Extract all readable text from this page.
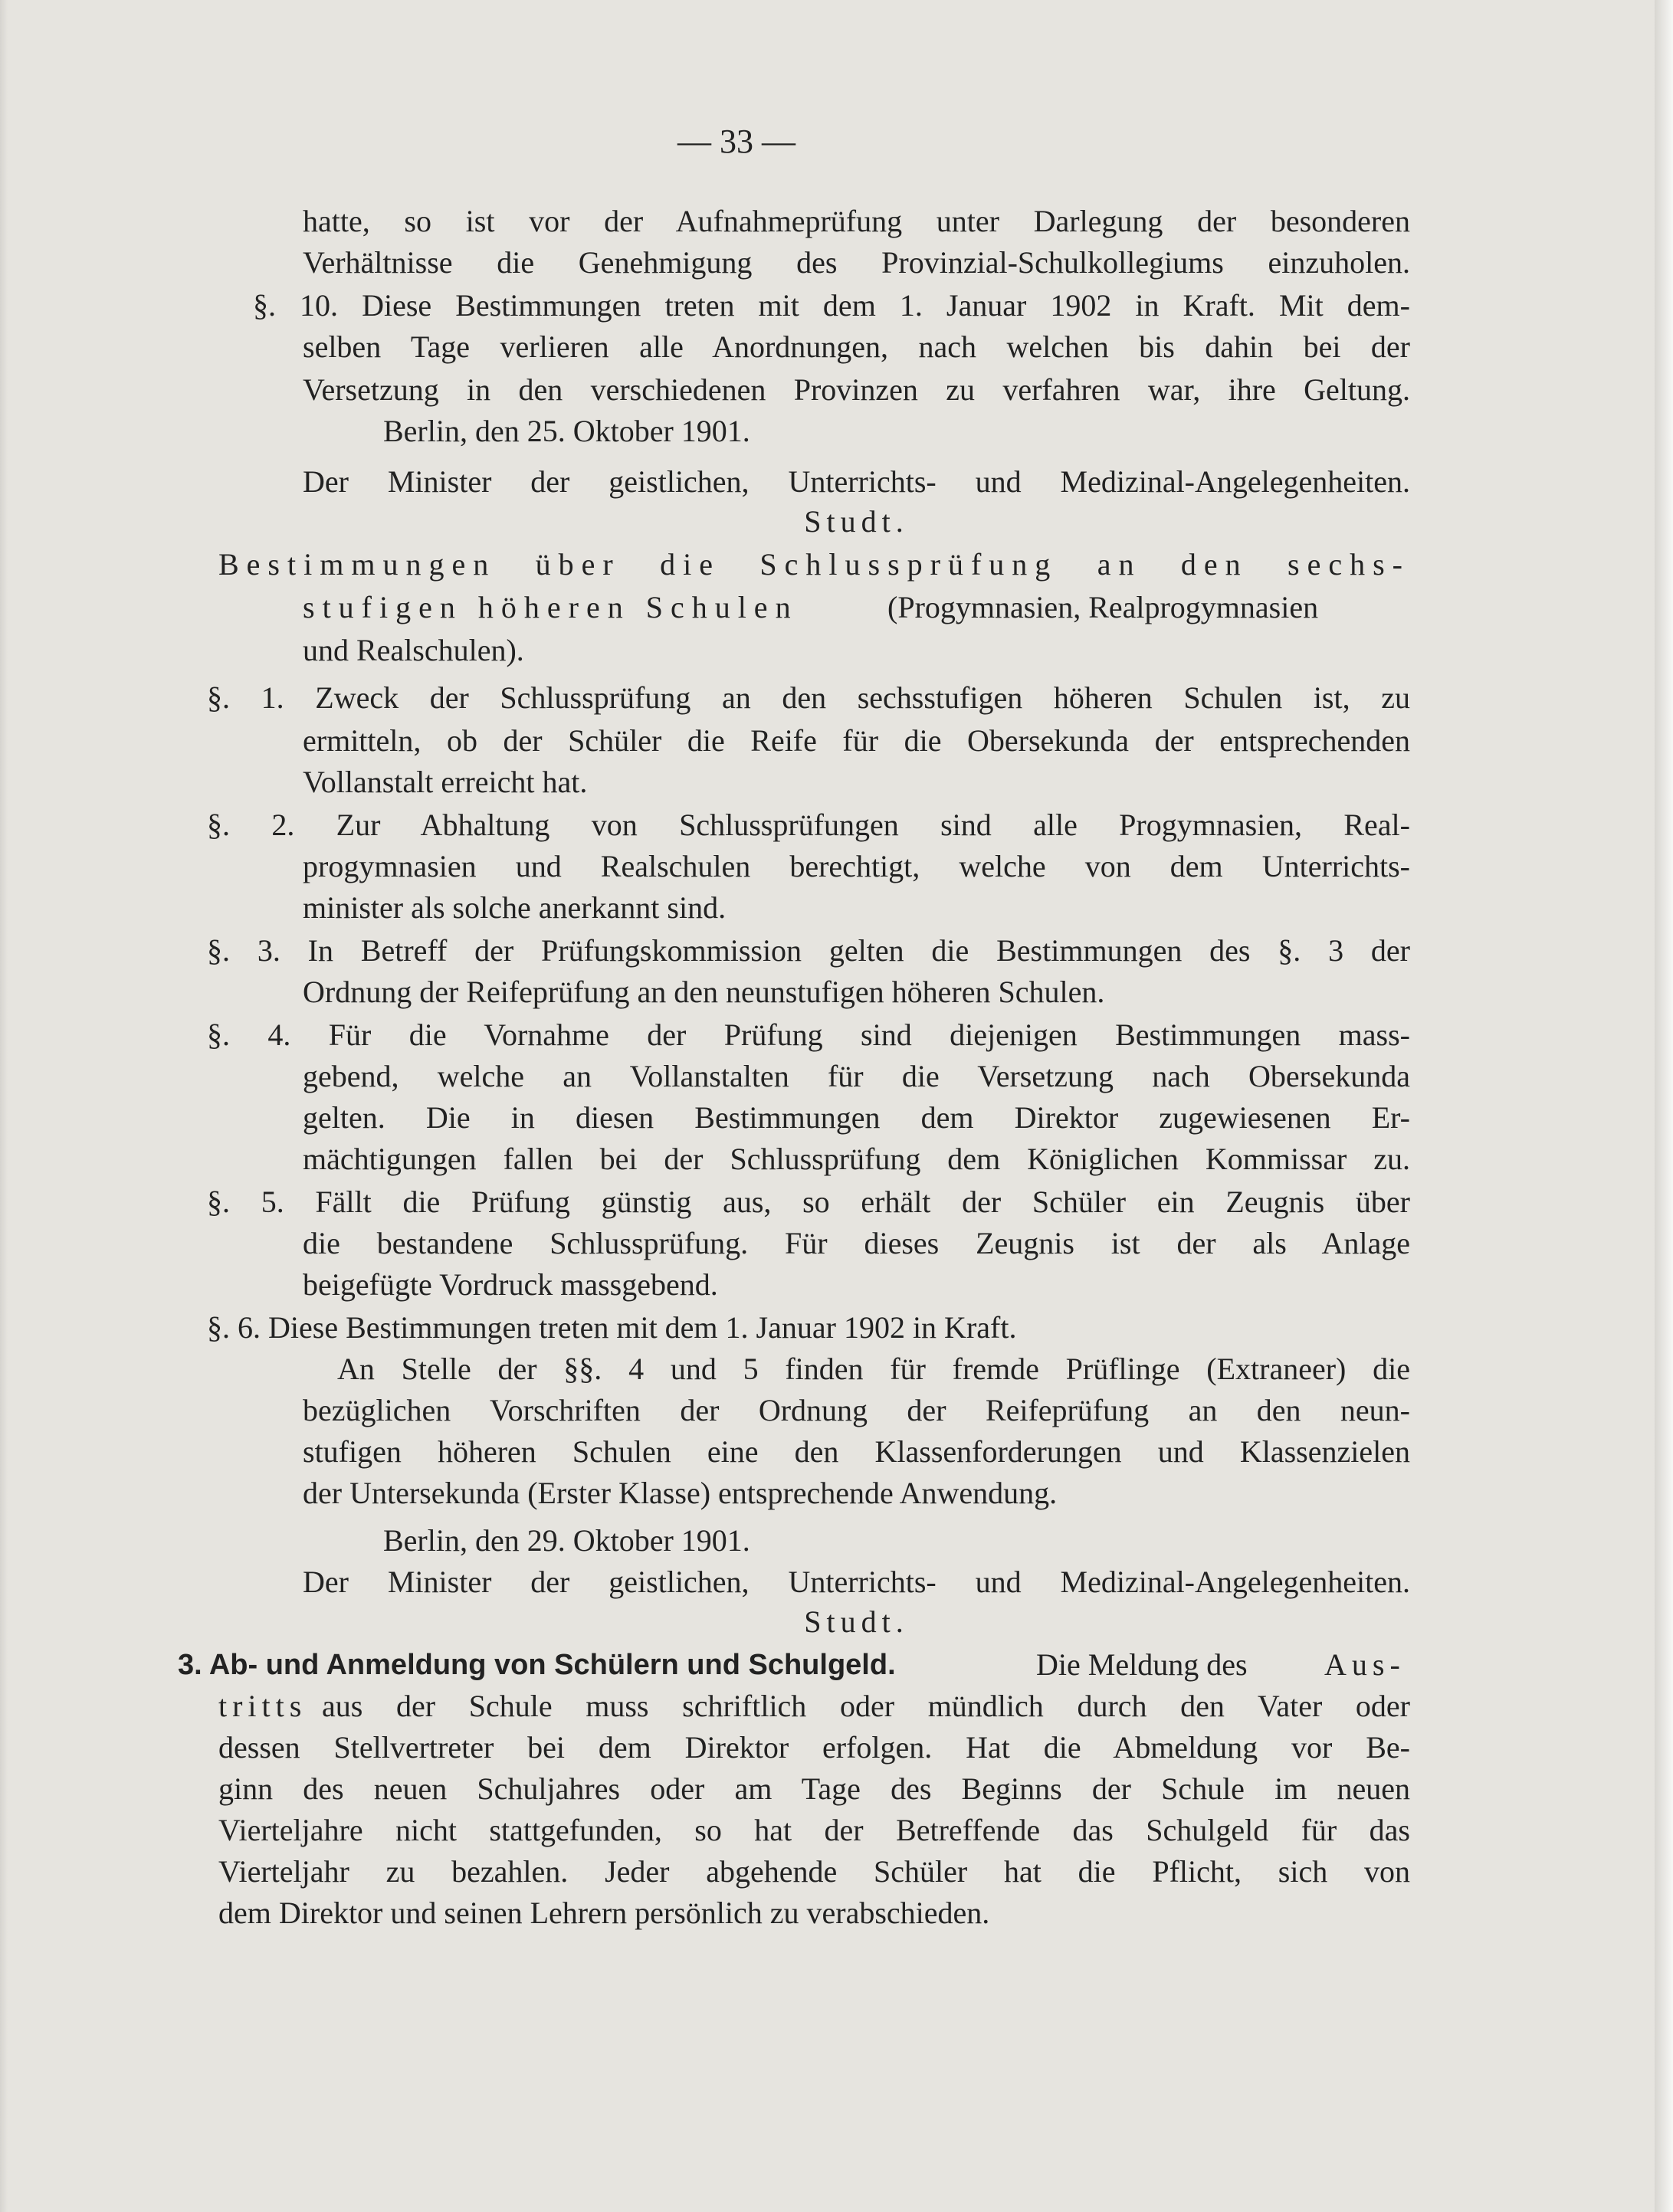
— 33 —
hatte, so ist vor der Aufnahmeprüfung unter Darlegung der besonderen
Verhältnisse die Genehmigung des Provinzial-Schulkollegiums einzuholen.
§. 10. Diese Bestimmungen treten mit dem 1. Januar 1902 in Kraft. Mit dem-
selben Tage verlieren alle Anordnungen, nach welchen bis dahin bei der
Versetzung in den verschiedenen Provinzen zu verfahren war, ihre Geltung.
Berlin, den 25. Oktober 1901.
Der Minister der geistlichen, Unterrichts- und Medizinal-Angelegenheiten.
Studt.
Bestimmungen über die Schlussprüfung an den sechs-
stufigen höheren Schulen	(Progymnasien, Realprogymnasien
und Realschulen).
§. 1. Zweck der Schlussprüfung an den sechsstufigen höheren Schulen ist, zu
ermitteln, ob der Schüler die Reife für die Obersekunda der entsprechenden
Vollanstalt erreicht hat.
§. 2. Zur Abhaltung von Schlussprüfungen sind alle Progymnasien, Real-
progymnasien und Realschulen berechtigt, welche von dem Unterrichts-
minister als solche anerkannt sind.
§. 3. In Betreff der Prüfungskommission gelten die Bestimmungen des §. 3 der
Ordnung der Reifeprüfung an den neunstufigen höheren Schulen.
§. 4. Für die Vornahme der Prüfung sind diejenigen Bestimmungen mass-
gebend, welche an Vollanstalten für die Versetzung nach Obersekunda
gelten. Die in diesen Bestimmungen dem Direktor zugewiesenen Er-
mächtigungen fallen bei der Schlussprüfung dem Königlichen Kommissar zu.
§. 5. Fällt die Prüfung günstig aus, so erhält der Schüler ein Zeugnis über
die bestandene Schlussprüfung. Für dieses Zeugnis ist der als Anlage
beigefügte Vordruck massgebend.
§. 6. Diese Bestimmungen treten mit dem 1. Januar 1902 in Kraft.
An Stelle der §§. 4 und 5 finden für fremde Prüflinge (Extraneer) die
bezüglichen Vorschriften der Ordnung der Reifeprüfung an den neun-
stufigen höheren Schulen eine den Klassenforderungen und Klassenzielen
der Untersekunda (Erster Klasse) entsprechende Anwendung.
Berlin, den 29. Oktober 1901.
Der Minister der geistlichen, Unterrichts- und Medizinal-Angelegenheiten.
Studt.
3. Ab- und Anmeldung von Schülern und Schulgeld.	Die Meldung des	Aus-
tritts aus der Schule muss schriftlich oder mündlich durch den Vater oder
dessen Stellvertreter bei dem Direktor erfolgen. Hat die Abmeldung vor Be-
ginn des neuen Schuljahres oder am Tage des Beginns der Schule im neuen
Vierteljahre nicht stattgefunden, so hat der Betreffende das Schulgeld für das
Vierteljahr zu bezahlen. Jeder abgehende Schüler hat die Pflicht, sich von
dem Direktor und seinen Lehrern persönlich zu verabschieden.
